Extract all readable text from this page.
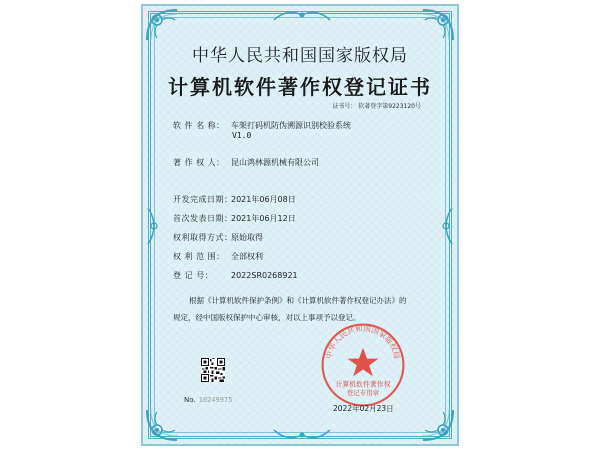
中华人民共和国国家版权局
计算机软件著作权登记证书
证书号： 软著登字第9223120号
软 件 名 称： 车架打码机防伪溯源识别校验系统
V1.0
著 作 权 人： 昆山鸿林源机械有限公司
开发完成日期：2021年06月08日
首次发表日期：2021年06月12日
权利取得方式：原始取得
权 利 范 围： 全部权利
登 记 号： 2022SR0268921
根据《计算机软件保护条例》和《计算机软件著作权登记办法》的
规定，经中国版权保护中心审核，对以上事项予以登记。
No. 10249975
中华人民共和国国家版权局
计算机软件著作权
登记专用章
2022年02月23日
